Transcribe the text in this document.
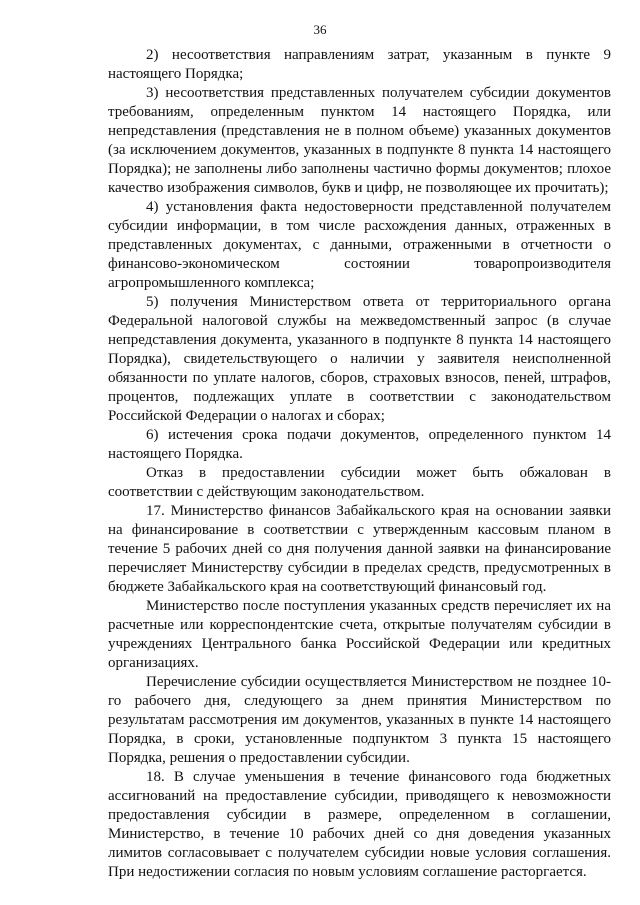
36

2) несоответствия направлениям затрат, указанным в пункте 9 настоящего Порядка;

3) несоответствия представленных получателем субсидии документов требованиям, определенным пунктом 14 настоящего Порядка, или непредставления (представления не в полном объеме) указанных документов (за исключением документов, указанных в подпункте 8 пункта 14 настоящего Порядка); не заполнены либо заполнены частично формы документов; плохое качество изображения символов, букв и цифр, не позволяющее их прочитать);

4) установления факта недостоверности представленной получателем субсидии информации, в том числе расхождения данных, отраженных в представленных документах, с данными, отраженными в отчетности о финансово-экономическом состоянии товаропроизводителя агропромышленного комплекса;

5) получения Министерством ответа от территориального органа Федеральной налоговой службы на межведомственный запрос (в случае непредставления документа, указанного в подпункте 8 пункта 14 настоящего Порядка), свидетельствующего о наличии у заявителя неисполненной обязанности по уплате налогов, сборов, страховых взносов, пеней, штрафов, процентов, подлежащих уплате в соответствии с законодательством Российской Федерации о налогах и сборах;

6) истечения срока подачи документов, определенного пунктом 14 настоящего Порядка.

Отказ в предоставлении субсидии может быть обжалован в соответствии с действующим законодательством.

17. Министерство финансов Забайкальского края на основании заявки на финансирование в соответствии с утвержденным кассовым планом в течение 5 рабочих дней со дня получения данной заявки на финансирование перечисляет Министерству субсидии в пределах средств, предусмотренных в бюджете Забайкальского края на соответствующий финансовый год.

Министерство после поступления указанных средств перечисляет их на расчетные или корреспондентские счета, открытые получателям субсидии в учреждениях Центрального банка Российской Федерации или кредитных организациях.

Перечисление субсидии осуществляется Министерством не позднее 10-го рабочего дня, следующего за днем принятия Министерством по результатам рассмотрения им документов, указанных в пункте 14 настоящего Порядка, в сроки, установленные подпунктом 3 пункта 15 настоящего Порядка, решения о предоставлении субсидии.

18. В случае уменьшения в течение финансового года бюджетных ассигнований на предоставление субсидии, приводящего к невозможности предоставления субсидии в размере, определенном в соглашении, Министерство, в течение 10 рабочих дней со дня доведения указанных лимитов согласовывает с получателем субсидии новые условия соглашения. При недостижении согласия по новым условиям соглашение расторгается.
